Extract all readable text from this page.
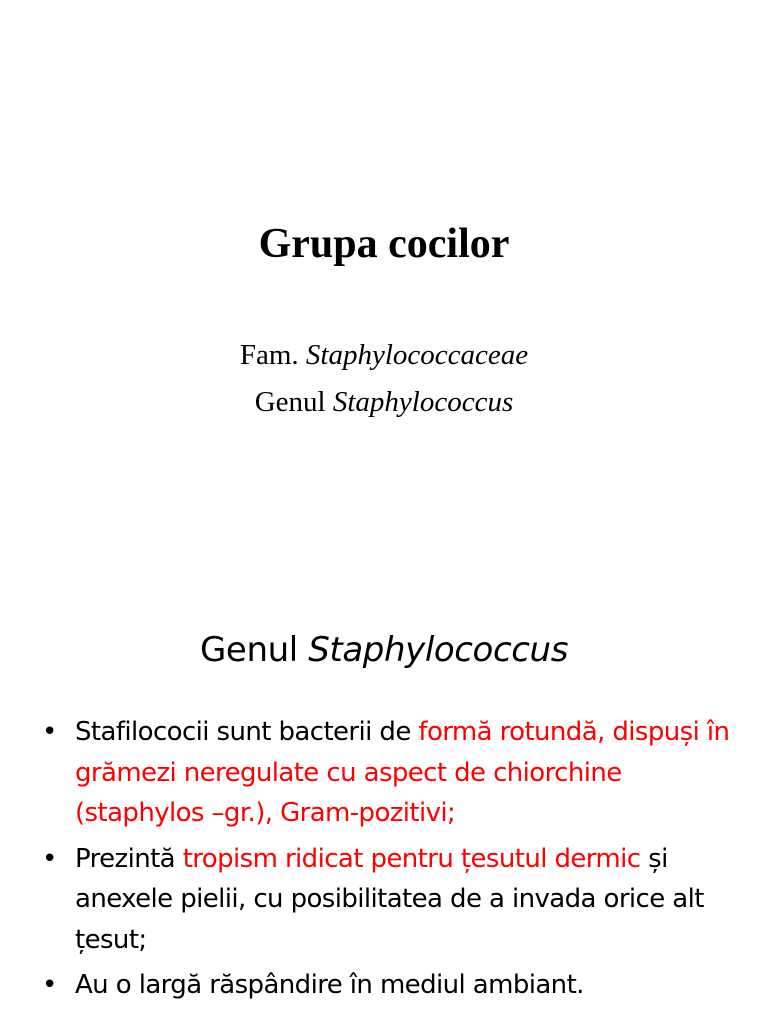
Grupa cocilor
Fam. Staphylococcaceae
Genul Staphylococcus
Genul Staphylococcus
• Stafilococii sunt bacterii de formă rotundă, dispuși în grămezi neregulate cu aspect de chiorchine (staphylos –gr.), Gram-pozitivi;
• Prezintă tropism ridicat pentru țesutul dermic și anexele pielii, cu posibilitatea de a invada orice alt țesut;
• Au o largă răspândire în mediul ambiant.
